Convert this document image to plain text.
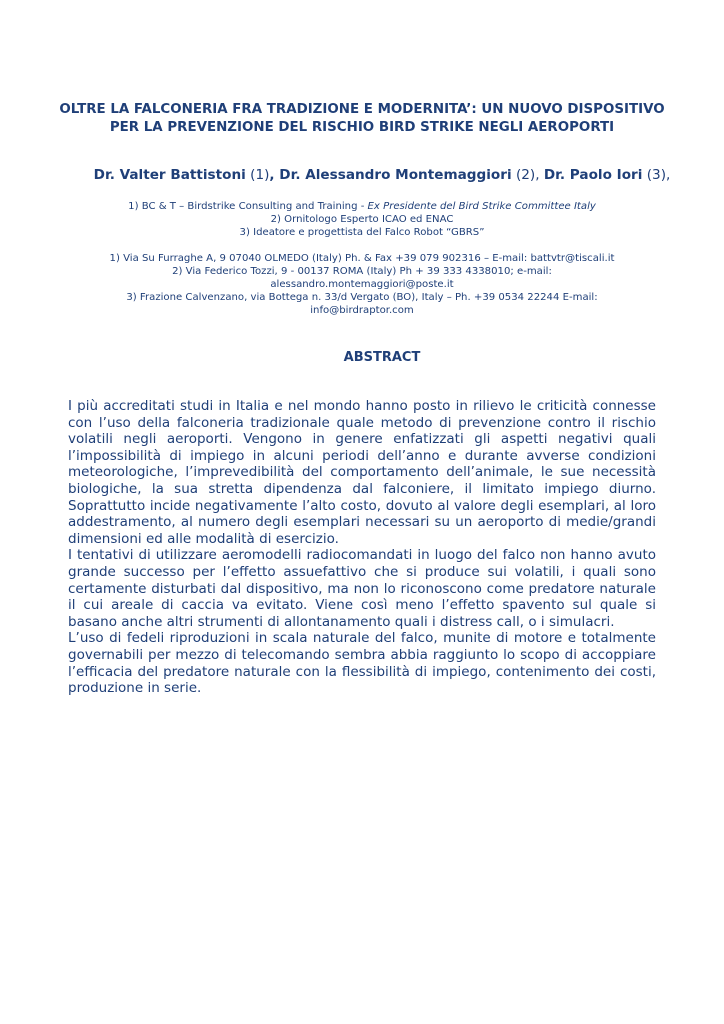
OLTRE LA FALCONERIA FRA TRADIZIONE E MODERNITA’: UN NUOVO DISPOSITIVO
PER LA PREVENZIONE DEL RISCHIO BIRD STRIKE NEGLI AEROPORTI
Dr. Valter Battistoni (1), Dr. Alessandro Montemaggiori (2), Dr. Paolo Iori (3),

1) BC & T – Birdstrike Consulting and Training - Ex Presidente del Bird Strike Committee Italy

2) Ornitologo Esperto ICAO ed ENAC

3) Ideatore e progettista del Falco Robot “GBRS”

1) Via Su Furraghe A, 9 07040 OLMEDO (Italy) Ph. & Fax +39 079 902316 – E-mail: battvtr@tiscali.it

2) Via Federico Tozzi, 9 - 00137 ROMA (Italy) Ph + 39 333 4338010; e-mail:

alessandro.montemaggiori@poste.it

3) Frazione Calvenzano, via Bottega n. 33/d Vergato (BO), Italy – Ph. +39 0534 22244 E-mail:

info@birdraptor.com

ABSTRACT

I più accreditati studi in Italia e nel mondo hanno posto in rilievo le criticità connesse con l’uso della falconeria tradizionale quale metodo di prevenzione contro il rischio volatili negli aeroporti. Vengono in genere enfatizzati gli aspetti negativi quali l’impossibilità di impiego in alcuni periodi dell’anno e durante avverse condizioni meteorologiche, l’imprevedibilità del comportamento dell’animale, le sue necessità biologiche, la sua stretta dipendenza dal falconiere, il limitato impiego diurno. Soprattutto incide negativamente l’alto costo, dovuto al valore degli esemplari, al loro addestramento, al numero degli esemplari necessari su un aeroporto di medie/grandi dimensioni ed alle modalità di esercizio.

I tentativi di utilizzare aeromodelli radiocomandati in luogo del falco non hanno avuto grande successo per l’effetto assuefattivo che si produce sui volatili, i quali sono certamente disturbati dal dispositivo, ma non lo riconoscono come predatore naturale il cui areale di caccia va evitato. Viene così meno l’effetto spavento sul quale si basano anche altri strumenti di allontanamento quali i distress call, o i simulacri.

L’uso di fedeli riproduzioni in scala naturale del falco, munite di motore e totalmente governabili per mezzo di telecomando sembra abbia raggiunto lo scopo di accoppiare l’efficacia del predatore naturale con la flessibilità di impiego, contenimento dei costi, produzione in serie.
